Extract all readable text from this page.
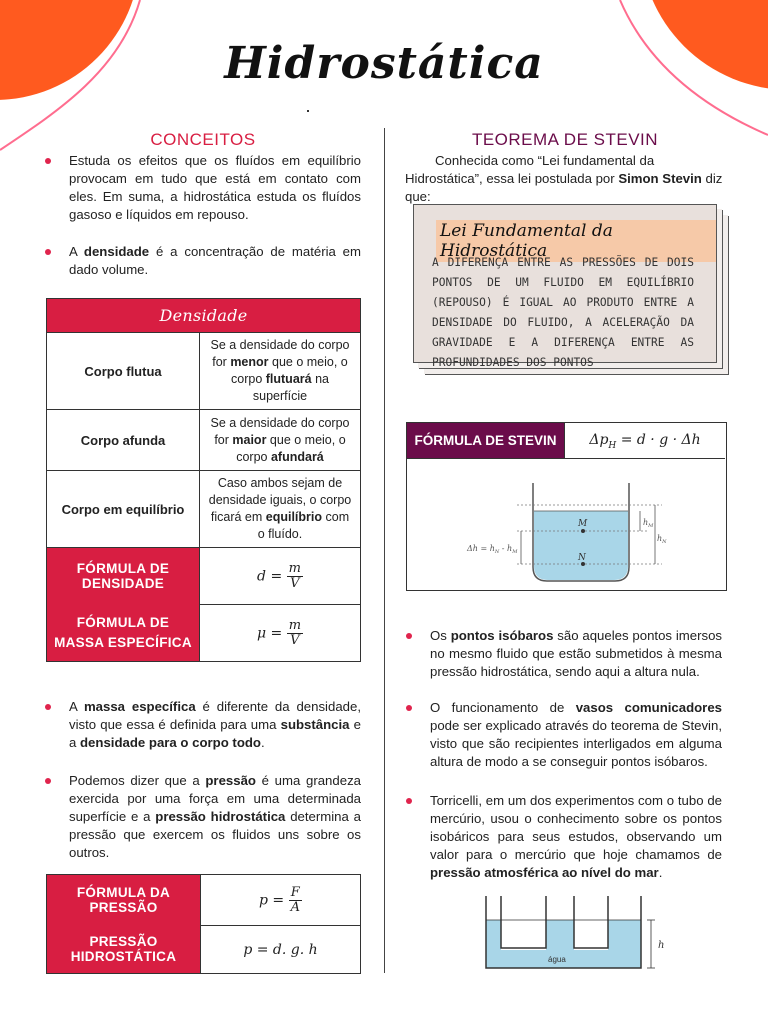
Hidrostática
CONCEITOS	TEOREMA DE STEVIN
Estuda os efeitos que os fluídos em equilíbrio provocam em tudo que está em contato com eles. Em suma, a hidrostática estuda os fluídos gasoso e líquidos em repouso.
A densidade é a concentração de matéria em dado volume.
Densidade	
Corpo flutua	Se a densidade do corpo for menor que o meio, o corpo flutuará na superfície
Corpo afunda	Se a densidade do corpo for maior que o meio, o corpo afundará
Corpo em equilíbrio	Caso ambos sejam de densidade iguais, o corpo ficará em equilíbrio com o fluído.
FÓRMULA DE DENSIDADE	$d = \frac{m}{V}$

FÓRMULA DE MASSA ESPECÍFICA	$\mu = \frac{m}{V}$
A massa específica é diferente da densidade, visto que essa é definida para uma substância e a densidade para o corpo todo.
Podemos dizer que a pressão é uma grandeza exercida por uma força em uma determinada superfície e a pressão hidrostática determina a pressão que exercem os fluidos uns sobre os outros.
FÓRMULA DA PRESSÃO	$p = \frac{F}{A}$

PRESSÃO HIDROSTÁTICA	p = d. g. h
Conhecida como “Lei fundamental da Hidrostática”, essa lei postulada por Simon Stevin diz que:
Lei Fundamental da Hidrostática
A DIFERENÇA ENTRE AS PRESSÕES DE DOIS PONTOS DE UM FLUIDO EM EQUILÍBRIO (REPOUSO) É IGUAL AO PRODUTO ENTRE A DENSIDADE DO FLUIDO, A ACELERAÇÃO DA GRAVIDADE E A DIFERENÇA ENTRE AS PROFUNDIDADES DOS PONTOS
FÓRMULA DE STEVIN	$\Delta p_H = d \cdot g \cdot \Delta h$
M
N
$\Delta h = h_N - h_M$
$h_M$
$h_N$
Os pontos isóbaros são aqueles pontos imersos no mesmo fluido que estão submetidos à mesma pressão hidrostática, sendo aqui a altura nula.
O funcionamento de vasos comunicadores pode ser explicado através do teorema de Stevin, visto que são recipientes interligados em alguma altura de modo a se conseguir pontos isóbaros.
Torricelli, em um dos experimentos com o tubo de mercúrio, usou o conhecimento sobre os pontos isobáricos para seus estudos, observando um valor para o mercúrio que hoje chamamos de pressão atmosférica ao nível do mar.
água
h
